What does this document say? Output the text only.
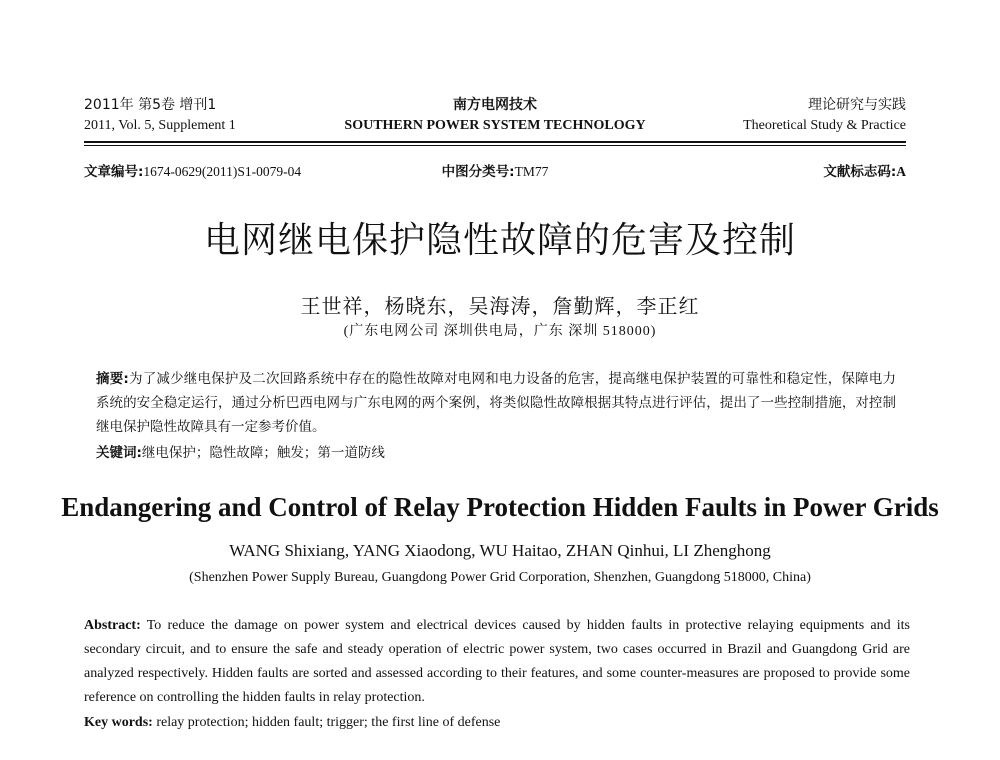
2011年 第5卷 增刊1	南方电网技术	理论研究与实践
2011, Vol. 5, Supplement 1	SOUTHERN POWER SYSTEM TECHNOLOGY	Theoretical Study & Practice
文章编号:1674-0629(2011)S1-0079-04	中图分类号:TM77	文献标志码:A
电网继电保护隐性故障的危害及控制
王世祥，杨晓东，吴海涛，詹勤辉，李正红
(广东电网公司 深圳供电局，广东 深圳 518000)
摘要:为了减少继电保护及二次回路系统中存在的隐性故障对电网和电力设备的危害，提高继电保护装置的可靠性和稳定性，保障电力系统的安全稳定运行，通过分析巴西电网与广东电网的两个案例，将类似隐性故障根据其特点进行评估，提出了一些控制措施，对控制继电保护隐性故障具有一定参考价值。
关键词:继电保护；隐性故障；触发；第一道防线
Endangering and Control of Relay Protection Hidden Faults in Power Grids
WANG Shixiang, YANG Xiaodong, WU Haitao, ZHAN Qinhui, LI Zhenghong
(Shenzhen Power Supply Bureau, Guangdong Power Grid Corporation, Shenzhen, Guangdong 518000, China)
Abstract: To reduce the damage on power system and electrical devices caused by hidden faults in protective relaying equipments and its secondary circuit, and to ensure the safe and steady operation of electric power system, two cases occurred in Brazil and Guangdong Grid are analyzed respectively. Hidden faults are sorted and assessed according to their features, and some counter-measures are proposed to provide some reference on controlling the hidden faults in relay protection.
Key words: relay protection; hidden fault; trigger; the first line of defense
